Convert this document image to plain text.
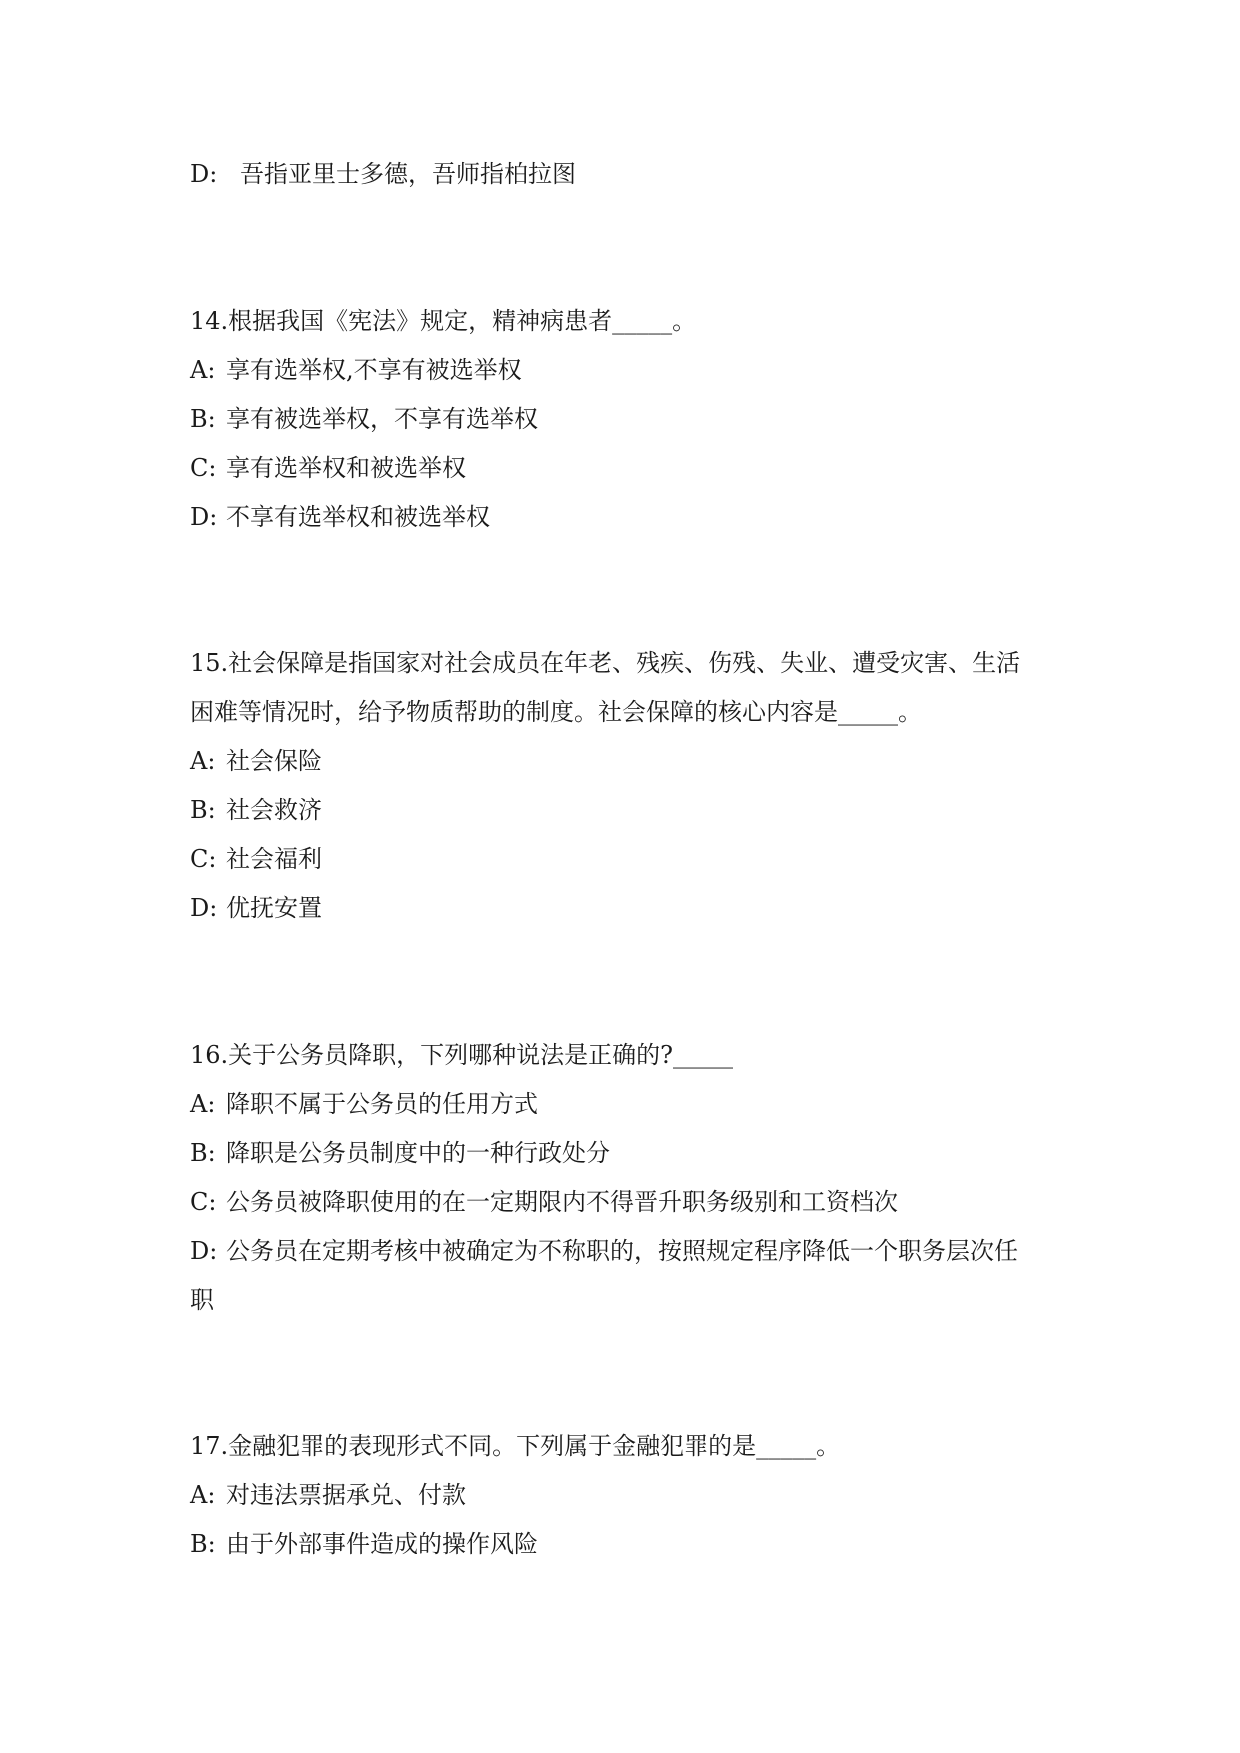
D: 吾指亚里士多德，吾师指柏拉图
14.根据我国《宪法》规定，精神病患者_____。
A: 享有选举权,不享有被选举权
B: 享有被选举权，不享有选举权
C: 享有选举权和被选举权
D: 不享有选举权和被选举权
15.社会保障是指国家对社会成员在年老、残疾、伤残、失业、遭受灾害、生活
困难等情况时，给予物质帮助的制度。社会保障的核心内容是_____。
A: 社会保险
B: 社会救济
C: 社会福利
D: 优抚安置
16.关于公务员降职，下列哪种说法是正确的?_____
A: 降职不属于公务员的任用方式
B: 降职是公务员制度中的一种行政处分
C: 公务员被降职使用的在一定期限内不得晋升职务级别和工资档次
D: 公务员在定期考核中被确定为不称职的，按照规定程序降低一个职务层次任
职
17.金融犯罪的表现形式不同。下列属于金融犯罪的是_____。
A: 对违法票据承兑、付款
B: 由于外部事件造成的操作风险
